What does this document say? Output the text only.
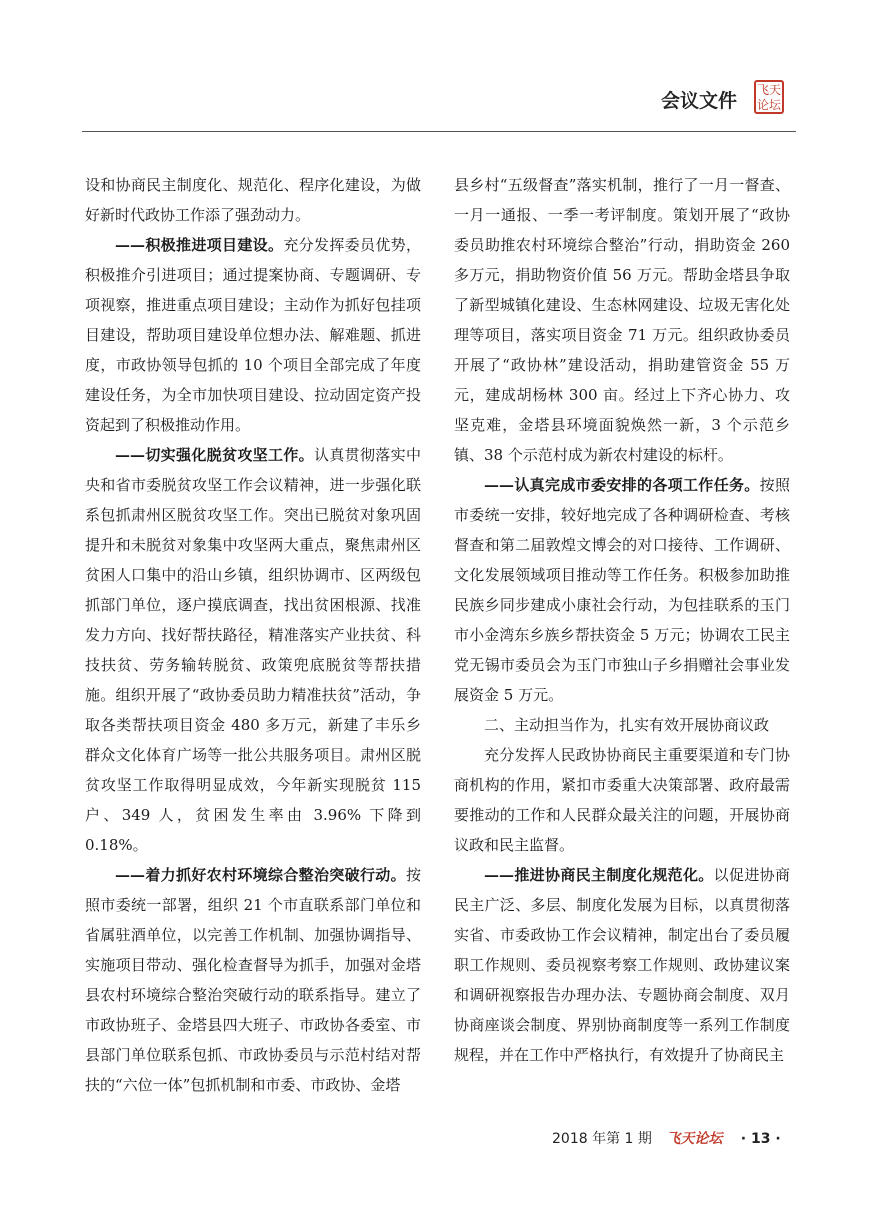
会议文件 飞 天
论 坛

设和协商民主制度化、规范化、程序化建设，为做好新时代政协工作添了强劲动力。

——积极推进项目建设。充分发挥委员优势，积极推介引进项目；通过提案协商、专题调研、专项视察，推进重点项目建设；主动作为抓好包挂项目建设，帮助项目建设单位想办法、解难题、抓进度，市政协领导包抓的 10 个项目全部完成了年度建设任务，为全市加快项目建设、拉动固定资产投资起到了积极推动作用。

——切实强化脱贫攻坚工作。认真贯彻落实中央和省市委脱贫攻坚工作会议精神，进一步强化联系包抓肃州区脱贫攻坚工作。突出已脱贫对象巩固提升和未脱贫对象集中攻坚两大重点，聚焦肃州区贫困人口集中的沿山乡镇，组织协调市、区两级包抓部门单位，逐户摸底调查，找出贫困根源、找准发力方向、找好帮扶路径，精准落实产业扶贫、科技扶贫、劳务输转脱贫、政策兜底脱贫等帮扶措施。组织开展了“政协委员助力精准扶贫”活动，争取各类帮扶项目资金 480 多万元，新建了丰乐乡群众文化体育广场等一批公共服务项目。肃州区脱贫攻坚工作取得明显成效，今年新实现脱贫 115 户、349 人，贫困发生率由 3.96% 下降到 0.18%。

——着力抓好农村环境综合整治突破行动。按照市委统一部署，组织 21 个市直联系部门单位和省属驻酒单位，以完善工作机制、加强协调指导、实施项目带动、强化检查督导为抓手，加强对金塔县农村环境综合整治突破行动的联系指导。建立了市政协班子、金塔县四大班子、市政协各委室、市县部门单位联系包抓、市政协委员与示范村结对帮扶的“六位一体”包抓机制和市委、市政协、金塔

县乡村“五级督查”落实机制，推行了一月一督查、一月一通报、一季一考评制度。策划开展了“政协委员助推农村环境综合整治”行动，捐助资金 260 多万元，捐助物资价值 56 万元。帮助金塔县争取了新型城镇化建设、生态林网建设、垃圾无害化处理等项目，落实项目资金 71 万元。组织政协委员开展了“政协林”建设活动，捐助建管资金 55 万元，建成胡杨林 300 亩。经过上下齐心协力、攻坚克难，金塔县环境面貌焕然一新，3 个示范乡镇、38 个示范村成为新农村建设的标杆。

——认真完成市委安排的各项工作任务。按照市委统一安排，较好地完成了各种调研检查、考核督查和第二届敦煌文博会的对口接待、工作调研、文化发展领域项目推动等工作任务。积极参加助推民族乡同步建成小康社会行动，为包挂联系的玉门市小金湾东乡族乡帮扶资金 5 万元；协调农工民主党无锡市委员会为玉门市独山子乡捐赠社会事业发展资金 5 万元。

二、主动担当作为，扎实有效开展协商议政

充分发挥人民政协协商民主重要渠道和专门协商机构的作用，紧扣市委重大决策部署、政府最需要推动的工作和人民群众最关注的问题，开展协商议政和民主监督。

——推进协商民主制度化规范化。以促进协商民主广泛、多层、制度化发展为目标，以真贯彻落实省、市委政协工作会议精神，制定出台了委员履职工作规则、委员视察考察工作规则、政协建议案和调研视察报告办理办法、专题协商会制度、双月协商座谈会制度、界别协商制度等一系列工作制度规程，并在工作中严格执行，有效提升了协商民主

2018 年第 1 期 飞天论坛 · 13 ·
